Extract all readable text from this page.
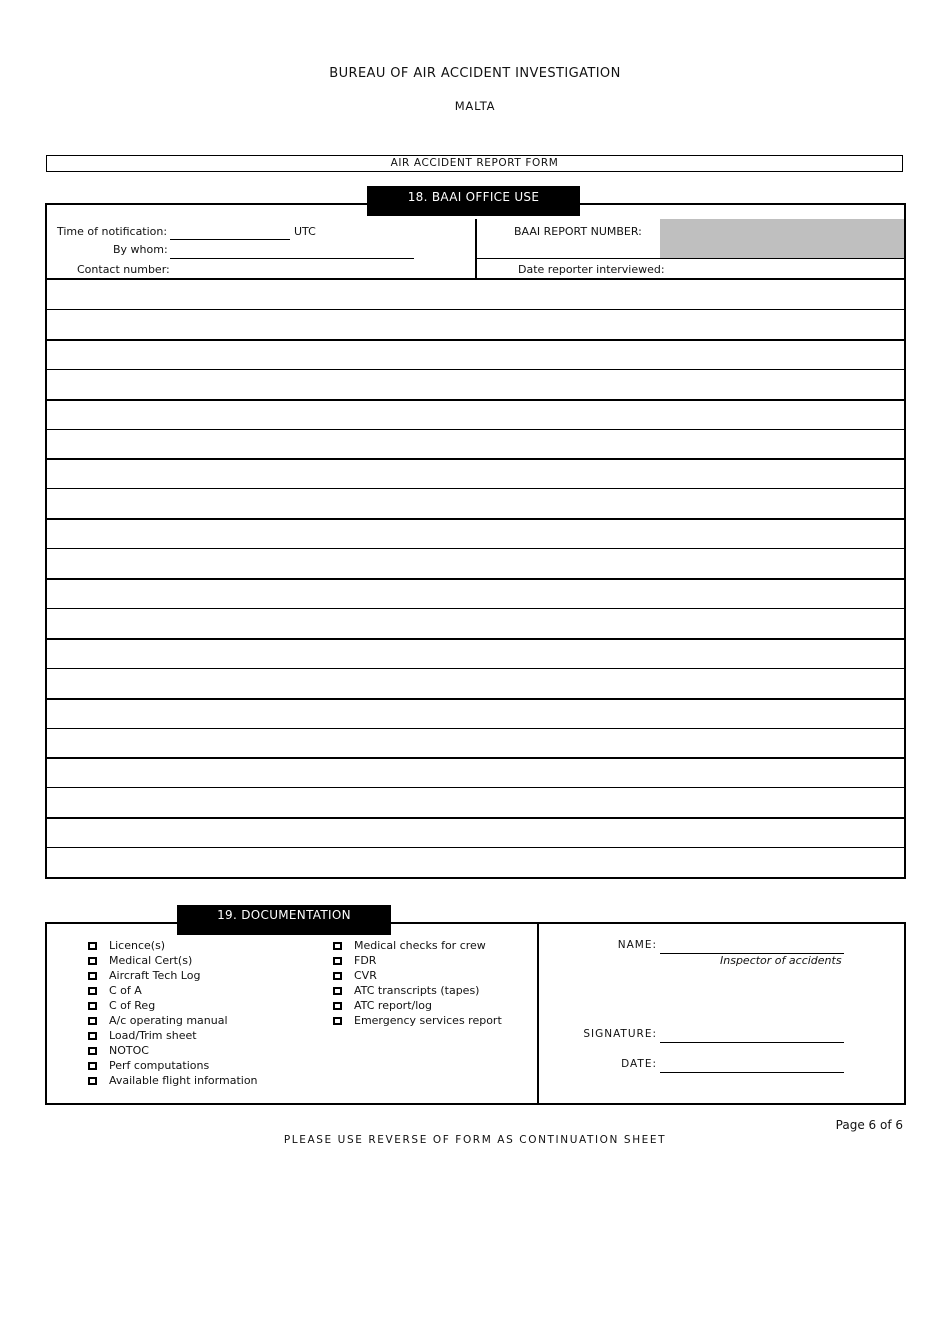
BUREAU OF AIR ACCIDENT INVESTIGATION
MALTA
AIR ACCIDENT REPORT FORM
18. BAAI OFFICE USE
Time of notification:	UTC
By whom:
Contact number:
BAAI REPORT NUMBER:
Date reporter interviewed:
19. DOCUMENTATION
Licence(s)
Medical Cert(s)
Aircraft Tech Log
C of A
C of Reg
A/c operating manual
Load/Trim sheet
NOTOC
Perf computations
Available flight information
Medical checks for crew
FDR
CVR
ATC transcripts (tapes)
ATC report/log
Emergency services report
NAME:
Inspector of accidents
SIGNATURE:
DATE:
Page 6 of 6
PLEASE USE REVERSE OF FORM AS CONTINUATION SHEET
